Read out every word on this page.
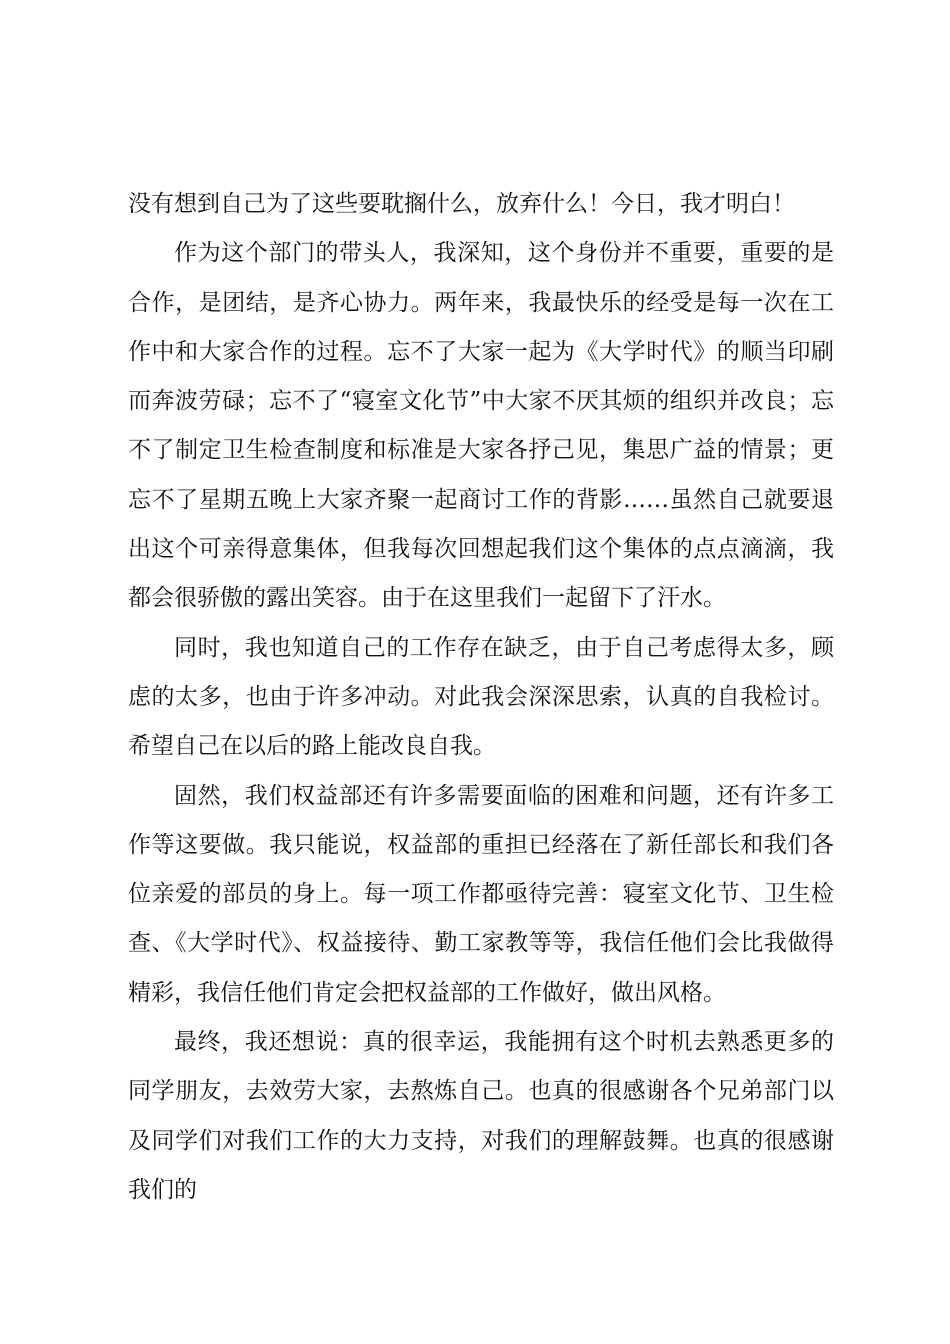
没有想到自己为了这些要耽搁什么，放弃什么！今日，我才明白！

作为这个部门的带头人，我深知，这个身份并不重要，重要的是合作，是团结，是齐心协力。两年来，我最快乐的经受是每一次在工作中和大家合作的过程。忘不了大家一起为《大学时代》的顺当印刷而奔波劳碌；忘不了“寝室文化节”中大家不厌其烦的组织并改良；忘不了制定卫生检查制度和标准是大家各抒己见，集思广益的情景；更忘不了星期五晚上大家齐聚一起商讨工作的背影……虽然自己就要退出这个可亲得意集体，但我每次回想起我们这个集体的点点滴滴，我都会很骄傲的露出笑容。由于在这里我们一起留下了汗水。

同时，我也知道自己的工作存在缺乏，由于自己考虑得太多，顾虑的太多，也由于许多冲动。对此我会深深思索，认真的自我检讨。希望自己在以后的路上能改良自我。

固然，我们权益部还有许多需要面临的困难和问题，还有许多工作等这要做。我只能说，权益部的重担已经落在了新任部长和我们各位亲爱的部员的身上。每一项工作都亟待完善：寝室文化节、卫生检查、《大学时代》、权益接待、勤工家教等等，我信任他们会比我做得精彩，我信任他们肯定会把权益部的工作做好，做出风格。

最终，我还想说：真的很幸运，我能拥有这个时机去熟悉更多的同学朋友，去效劳大家，去熬炼自己。也真的很感谢各个兄弟部门以及同学们对我们工作的大力支持，对我们的理解鼓舞。也真的很感谢我们的
